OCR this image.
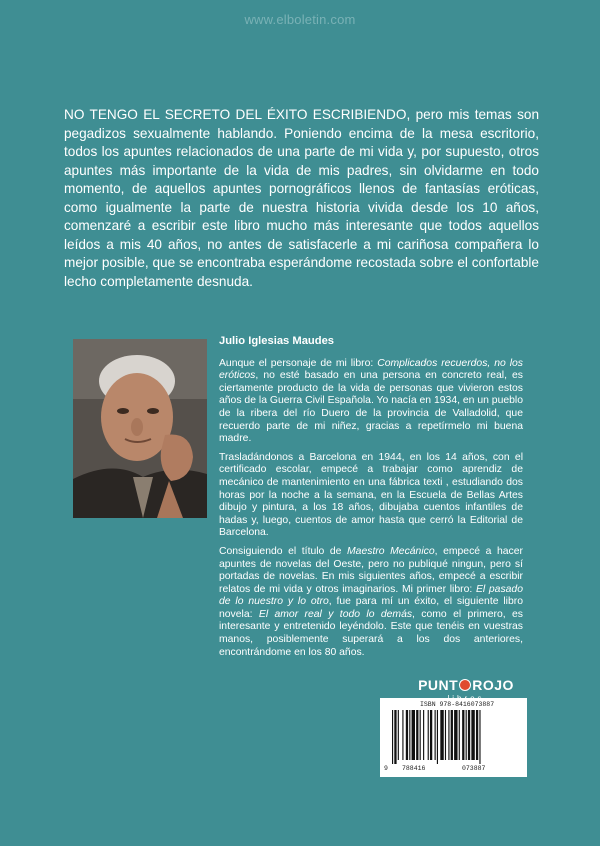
www.elboletin.com
NO TENGO EL SECRETO DEL ÉXITO ESCRIBIENDO, pero mis temas son pegadizos sexualmente hablando. Poniendo encima de la mesa escritorio, todos los apuntes relacionados de una parte de mi vida y, por supuesto, otros apuntes más importante de la vida de mis padres, sin olvidarme en todo momento, de aquellos apuntes pornográficos llenos de fantasías eróticas, como igualmente la parte de nuestra historia vivida desde los 10 años, comenzaré a escribir este libro mucho más interesante que todos aquellos leídos a mis 40 años, no antes de satisfacerle a mi cariñosa compañera lo mejor posible, que se encontraba esperándome recostada sobre el confortable lecho completamente desnuda.
Julio Iglesias Maudes

Aunque el personaje de mi libro: Complicados recuerdos, no los eróticos, no esté basado en una persona en concreto real, es ciertamente producto de la vida de personas que vivieron estos años de la Guerra Civil Española. Yo nacía en 1934, en un pueblo de la ribera del río Duero de la provincia de Valladolid, que recuerdo parte de mi niñez, gracias a repetírmelo mi buena madre.

Trasladándonos a Barcelona en 1944, en los 14 años, con el certificado escolar, empecé a trabajar como aprendiz de mecánico de mantenimiento en una fábrica texti , estudiando dos horas por la noche a la semana, en la Escuela de Bellas Artes dibujo y pintura, a los 18 años, dibujaba cuentos infantiles de hadas y, luego, cuentos de amor hasta que cerró la Editorial de Barcelona.

Consiguiendo el título de Maestro Mecánico, empecé a hacer apuntes de novelas del Oeste, pero no publiqué ningun, pero sí portadas de novelas. En mis siguientes años, empecé a escribir relatos de mi vida y otros imaginarios. Mi primer libro: El pasado de lo nuestro y lo otro, fue para mí un éxito, el siguiente libro novela: El amor real y todo lo demás, como el primero, es interesante y entretenido leyéndolo. Este que tenéis en vuestras manos, posiblemente superará a los dos anteriores, encontrándome en los 80 años.

PUNT ROJO
ISBN 978-8416073887
9 788416	073887
